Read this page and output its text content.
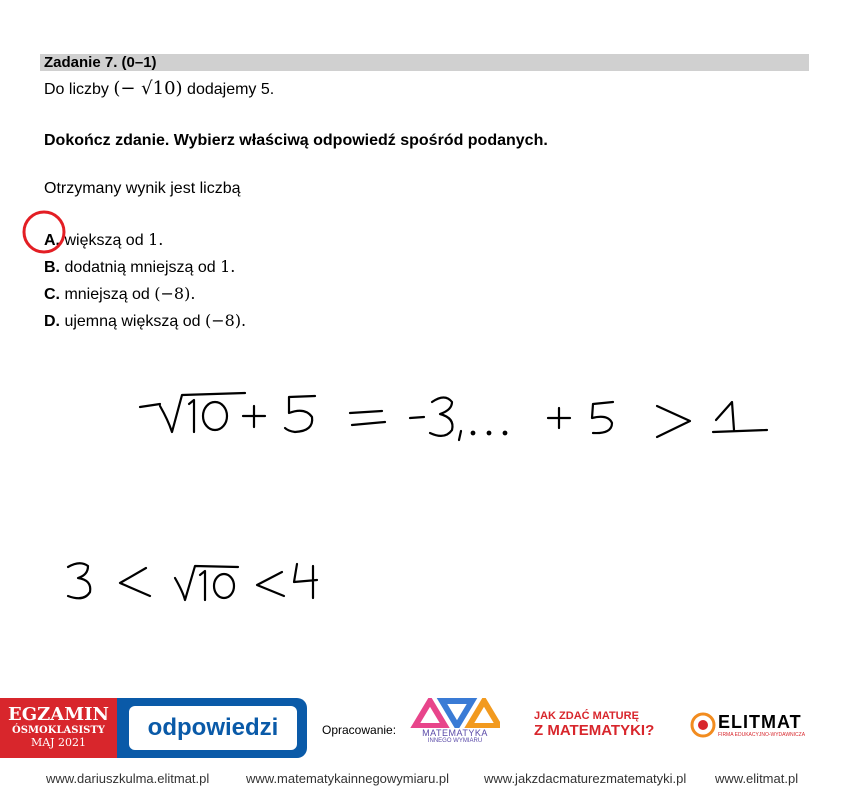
Zadanie 7. (0–1)
Do liczby (− √10) dodajemy 5.
Dokończ zdanie. Wybierz właściwą odpowiedź spośród podanych.
Otrzymany wynik jest liczbą
A. większą od 1.
B. dodatnią mniejszą od 1.
C. mniejszą od (−8).
D. ujemną większą od (−8).
EGZAMIN
ÓSMOKLASISTY
MAJ 2021
odpowiedzi	Opracowanie:	MATEMATYKA
INNEGO WYMIARU
JAK ZDAĆ MATURĘ
Z MATEMATYKI?	ELITMAT
FIRMA EDUKACYJNO-WYDAWNICZA
www.dariuszkulma.elitmat.pl	www.matematykainnegowymiaru.pl	www.jakzdacmaturezmatematyki.pl www.elitmat.pl
